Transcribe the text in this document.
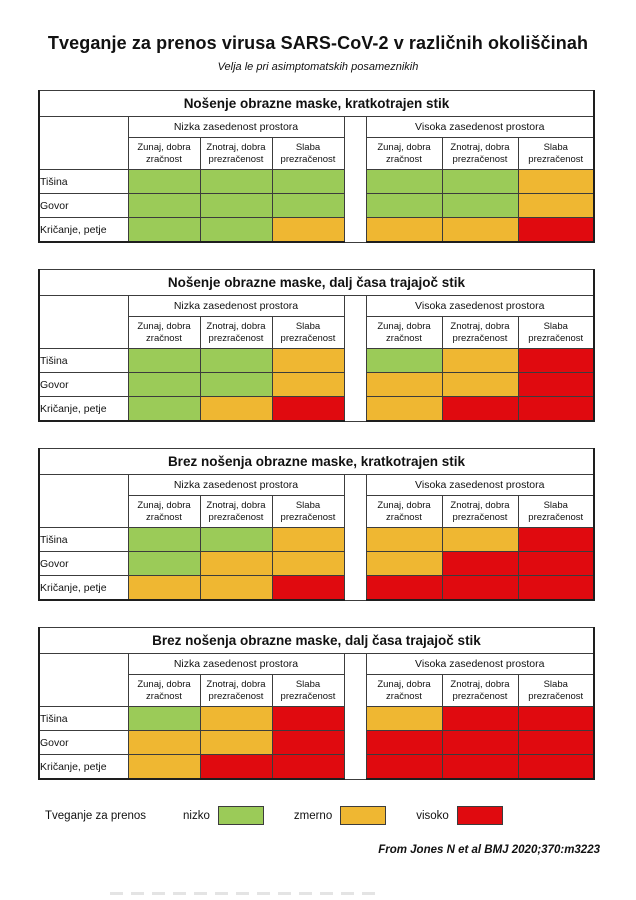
Tveganje za prenos virusa SARS-CoV-2 v različnih okoliščinah
Velja le pri asimptomatskih posameznikih
Nošenje obrazne maske, kratkotrajen stik							
	Nizka zasedenost prostora				Visoka zasedenost prostora		
	Zunaj, dobra zračnost	Znotraj, dobra prezračenost	Slaba prezračenost		Zunaj, dobra zračnost	Znotraj, dobra prezračenost	Slaba prezračenost
Tišina							
Govor							
Kričanje, petje							
Nošenje obrazne maske, dalj časa trajajoč stik							
	Nizka zasedenost prostora				Visoka zasedenost prostora		
	Zunaj, dobra zračnost	Znotraj, dobra prezračenost	Slaba prezračenost		Zunaj, dobra zračnost	Znotraj, dobra prezračenost	Slaba prezračenost
Tišina							
Govor							
Kričanje, petje							
Brez nošenja obrazne maske, kratkotrajen stik							
	Nizka zasedenost prostora				Visoka zasedenost prostora		
	Zunaj, dobra zračnost	Znotraj, dobra prezračenost	Slaba prezračenost		Zunaj, dobra zračnost	Znotraj, dobra prezračenost	Slaba prezračenost
Tišina							
Govor							
Kričanje, petje							
Brez nošenja obrazne maske, dalj časa trajajoč stik							
	Nizka zasedenost prostora				Visoka zasedenost prostora		
	Zunaj, dobra zračnost	Znotraj, dobra prezračenost	Slaba prezračenost		Zunaj, dobra zračnost	Znotraj, dobra prezračenost	Slaba prezračenost
Tišina							
Govor							
Kričanje, petje							
Tveganje za prenos	nizko	zmerno	visoko
From Jones N et al BMJ 2020;370:m3223
